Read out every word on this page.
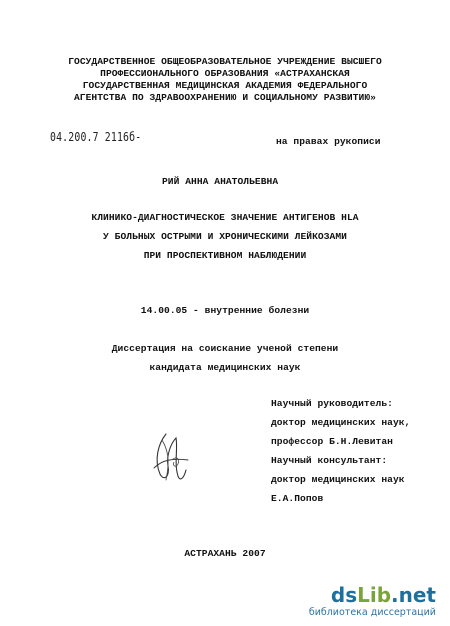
ГОСУДАРСТВЕННОЕ ОБЩЕОБРАЗОВАТЕЛЬНОЕ УЧРЕЖДЕНИЕ ВЫСШЕГО
ПРОФЕССИОНАЛЬНОГО ОБРАЗОВАНИЯ «АСТРАХАНСКАЯ
ГОСУДАРСТВЕННАЯ МЕДИЦИНСКАЯ АКАДЕМИЯ ФЕДЕРАЛЬНОГО
АГЕНТСТВА ПО ЗДРАВООХРАНЕНИЮ И СОЦИАЛЬНОМУ РАЗВИТИЮ»
04.200.7 2116б-	на правах рукописи
РИЙ АННА АНАТОЛЬЕВНА
КЛИНИКО-ДИАГНОСТИЧЕСКОЕ ЗНАЧЕНИЕ АНТИГЕНОВ HLA
У БОЛЬНЫХ ОСТРЫМИ И ХРОНИЧЕСКИМИ ЛЕЙКОЗАМИ
ПРИ ПРОСПЕКТИВНОМ НАБЛЮДЕНИИ
14.00.05 - внутренние болезни
Диссертация на соискание ученой степени
кандидата медицинских наук
Научный руководитель:
доктор медицинских наук,
профессор Б.Н.Левитан
Научный консультант:
доктор медицинских наук
Е.А.Попов
АСТРАХАНЬ 2007
dsLib.net
библиотека диссертаций
